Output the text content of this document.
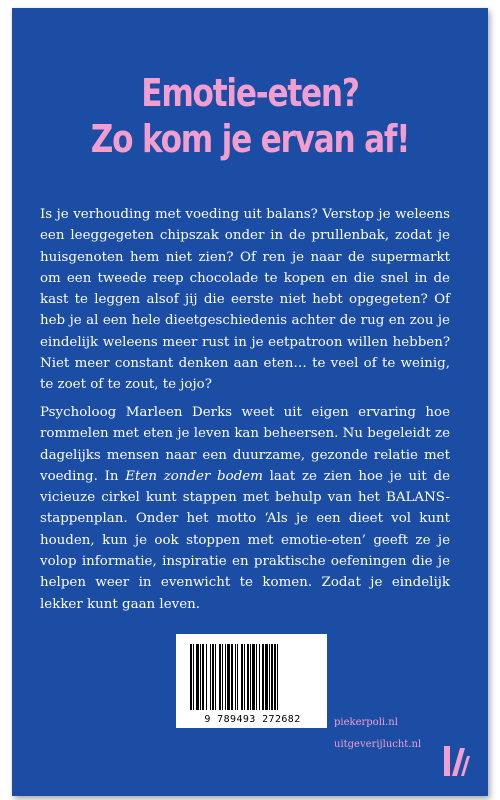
Emotie-eten?
Zo kom je ervan af!

Is je verhouding met voeding uit balans? Verstop je weleens een leeggegeten chipszak onder in de prullenbak, zodat je huisgenoten hem niet zien? Of ren je naar de supermarkt om een tweede reep chocolade te kopen en die snel in de kast te leggen alsof jij die eerste niet hebt opgegeten? Of heb je al een hele dieetgeschiedenis achter de rug en zou je eindelijk weleens meer rust in je eetpatroon willen hebben? Niet meer constant denken aan eten… te veel of te weinig, te zoet of te zout, te jojo?

Psycholoog Marleen Derks weet uit eigen ervaring hoe rommelen met eten je leven kan beheersen. Nu begeleidt ze dagelijks mensen naar een duurzame, gezonde relatie met voeding. In Eten zonder bodem laat ze zien hoe je uit de vicieuze cirkel kunt stappen met behulp van het BALANS-stappenplan. Onder het motto ‘Als je een dieet vol kunt houden, kun je ook stoppen met emotie-eten’ geeft ze je volop informatie, inspiratie en praktische oefeningen die je helpen weer in evenwicht te komen. Zodat je eindelijk lekker kunt gaan leven.

9 789493 272682	piekerpoli.nl
uitgeverijlucht.nl
